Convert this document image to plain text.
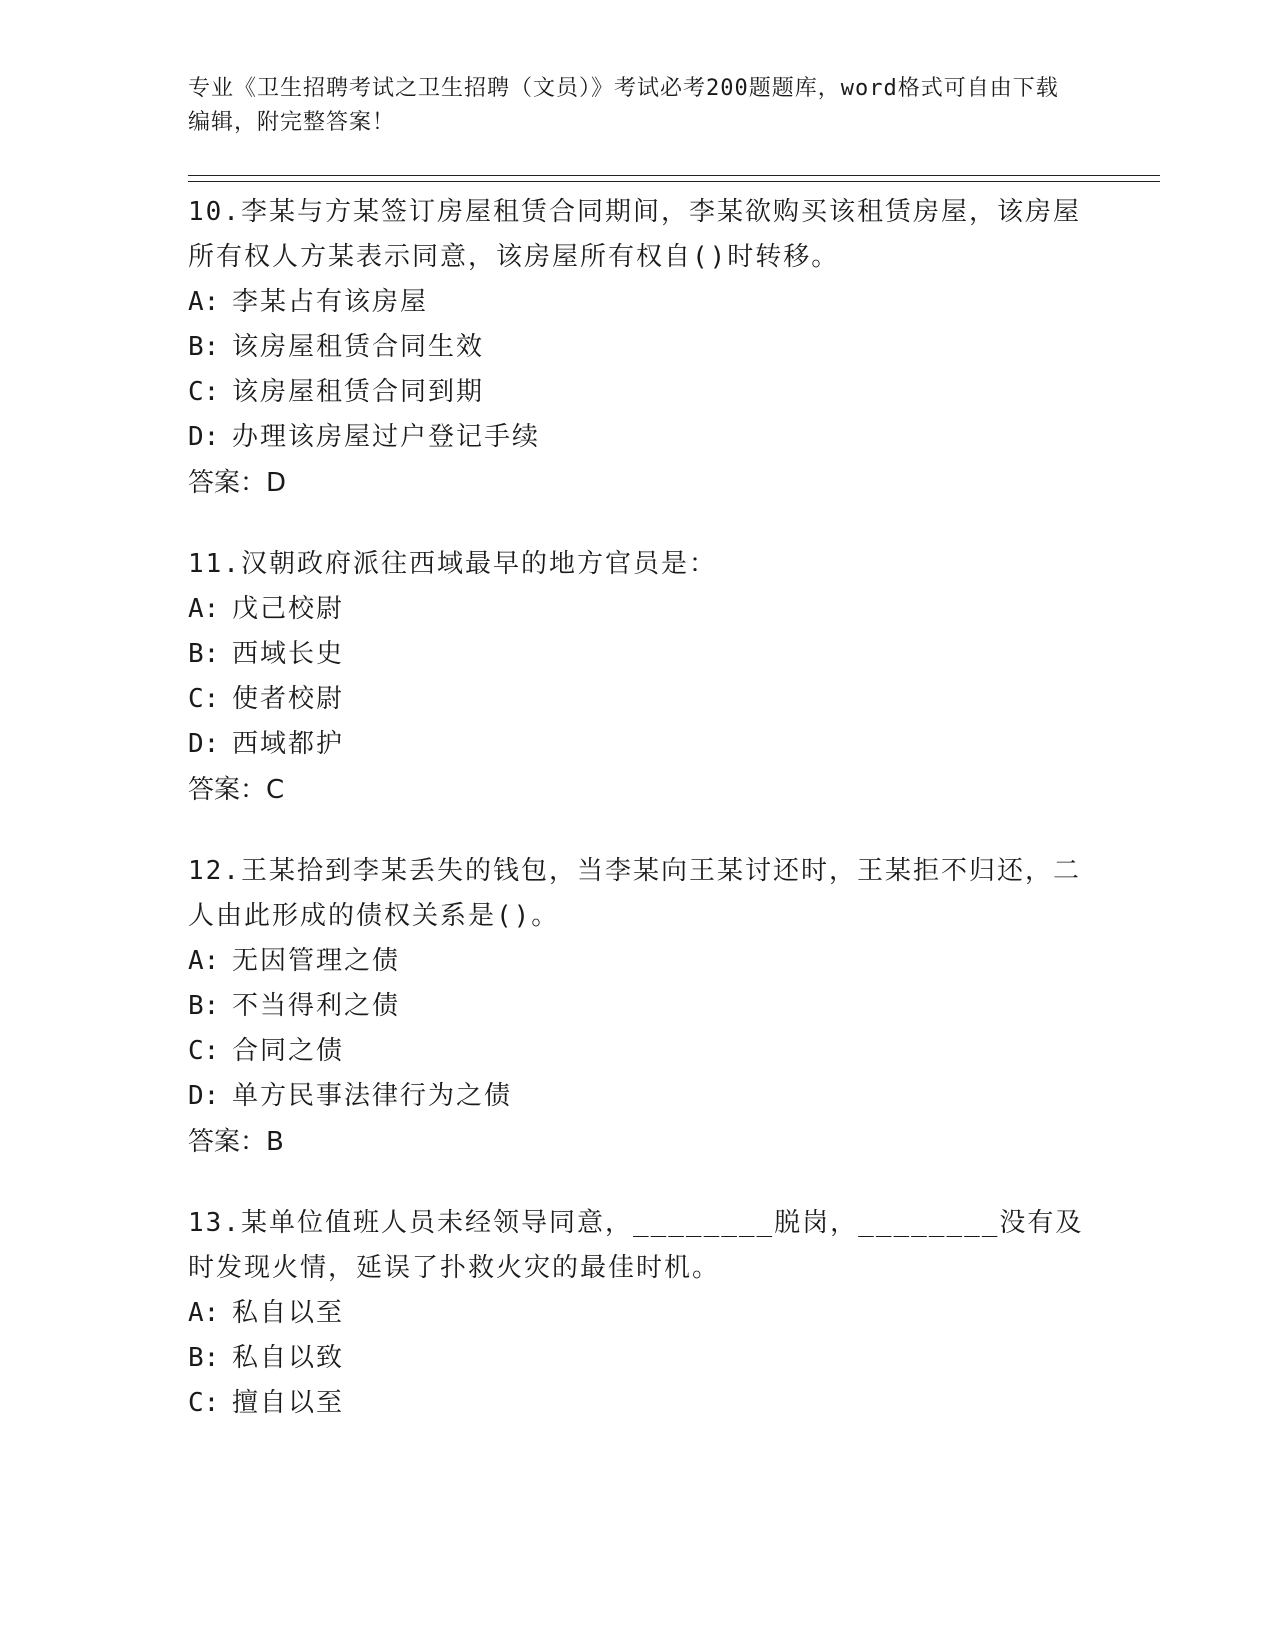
专业《卫生招聘考试之卫生招聘（文员）》考试必考200题题库，word格式可自由下载编辑，附完整答案！

10.李某与方某签订房屋租赁合同期间，李某欲购买该租赁房屋，该房屋所有权人方某表示同意，该房屋所有权自()时转移。

A: 李某占有该房屋

B: 该房屋租赁合同生效

C: 该房屋租赁合同到期

D: 办理该房屋过户登记手续

答案：D

11.汉朝政府派往西域最早的地方官员是：

A: 戊己校尉

B: 西域长史

C: 使者校尉

D: 西域都护

答案：C

12.王某拾到李某丢失的钱包，当李某向王某讨还时，王某拒不归还，二人由此形成的债权关系是()。

A: 无因管理之债

B: 不当得利之债

C: 合同之债

D: 单方民事法律行为之债

答案：B

13.某单位值班人员未经领导同意，________脱岗，________没有及时发现火情，延误了扑救火灾的最佳时机。

A: 私自以至

B: 私自以致

C: 擅自以至
